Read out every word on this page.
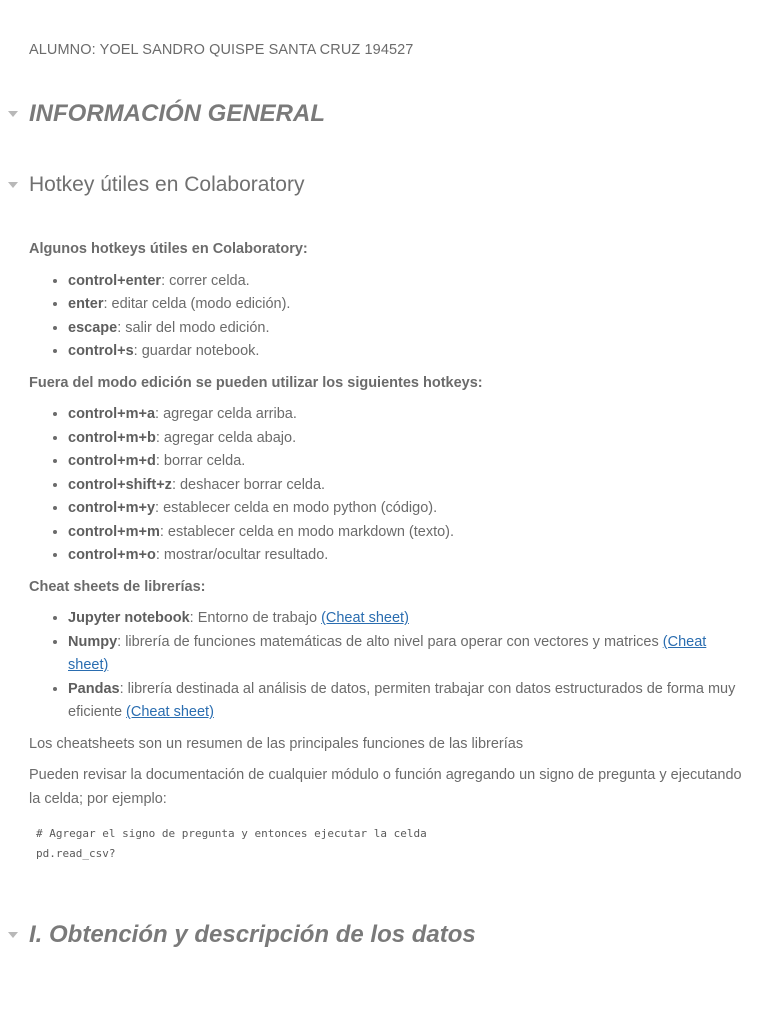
ALUMNO: YOEL SANDRO QUISPE SANTA CRUZ 194527
INFORMACIÓN GENERAL
Hotkey útiles en Colaboratory

Algunos hotkeys útiles en Colaboratory:

• control+enter: correr celda.
• enter: editar celda (modo edición).
• escape: salir del modo edición.
• control+s: guardar notebook.

Fuera del modo edición se pueden utilizar los siguientes hotkeys:

• control+m+a: agregar celda arriba.
• control+m+b: agregar celda abajo.
• control+m+d: borrar celda.
• control+shift+z: deshacer borrar celda.
• control+m+y: establecer celda en modo python (código).
• control+m+m: establecer celda en modo markdown (texto).
• control+m+o: mostrar/ocultar resultado.

Cheat sheets de librerías:

• Jupyter notebook: Entorno de trabajo (Cheat sheet)
• Numpy: librería de funciones matemáticas de alto nivel para operar con vectores y matrices (Cheat sheet)
• Pandas: librería destinada al análisis de datos, permiten trabajar con datos estructurados de forma muy eficiente (Cheat sheet)

Los cheatsheets son un resumen de las principales funciones de las librerías

Pueden revisar la documentación de cualquier módulo o función agregando un signo de pregunta y ejecutando la celda; por ejemplo:

# Agregar el signo de pregunta y entonces ejecutar la celda
pd.read_csv?
I. Obtención y descripción de los datos
